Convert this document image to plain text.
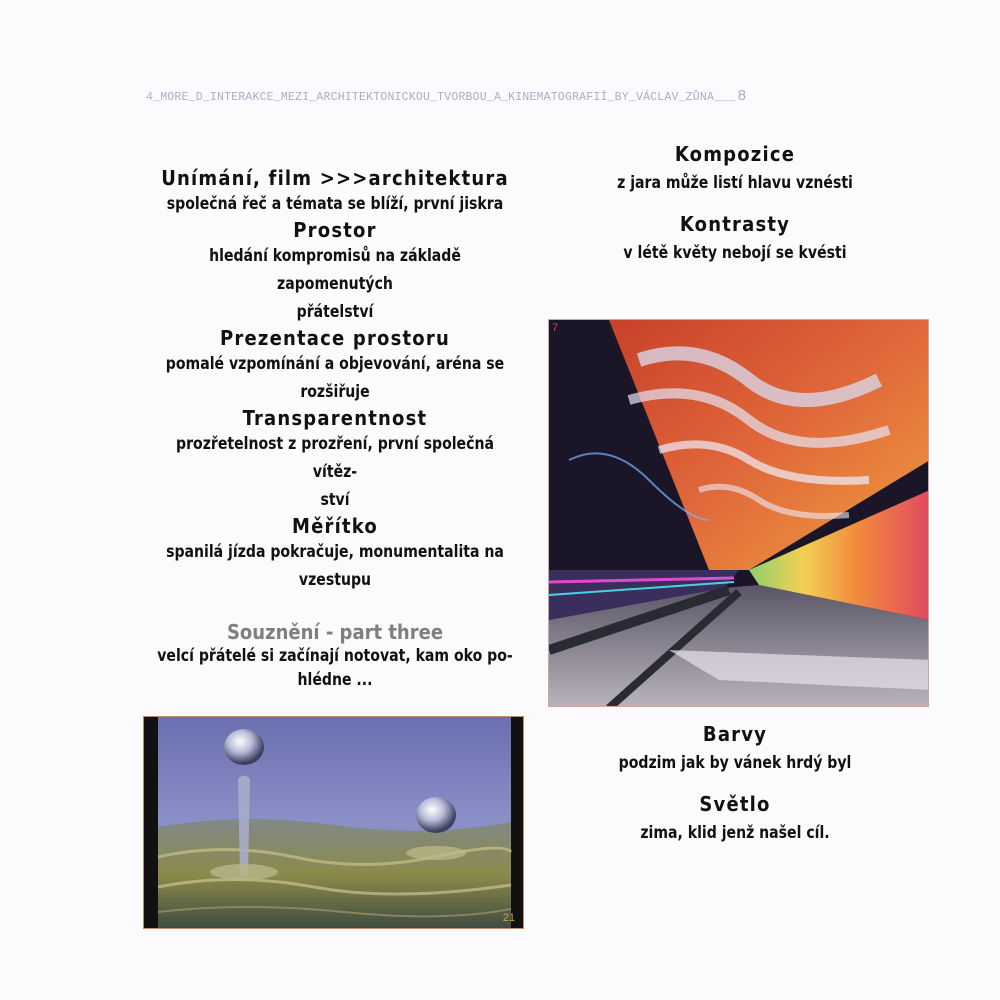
4_MORE_D_INTERAKCE_MEZI_ARCHITEKTONICKOU_TVORBOU_A_KINEMATOGRAFIÍ_BY_VÁCLAV_ZŮNA___ 8
Unímání, film >>>architektura
společná řeč a témata se blíží, první jiskra
Prostor
hledání kompromisů na základě zapomenutých
přátelství
Prezentace prostoru
pomalé vzpomínání a objevování, aréna se
rozšiřuje
Transparentnost
prozřetelnost z prozření, první společná vítěz-
ství
Měřítko
spanilá jízda pokračuje, monumentalita na
vzestupu
Souznění - part three
velcí přátelé si začínají notovat, kam oko po-
hlédne ...
Kompozice
z jara může listí hlavu vznésti
Kontrasty
v létě květy nebojí se kvésti
7
Barvy
podzim jak by vánek hrdý byl
Světlo
zima, klid jenž našel cíl.
21
